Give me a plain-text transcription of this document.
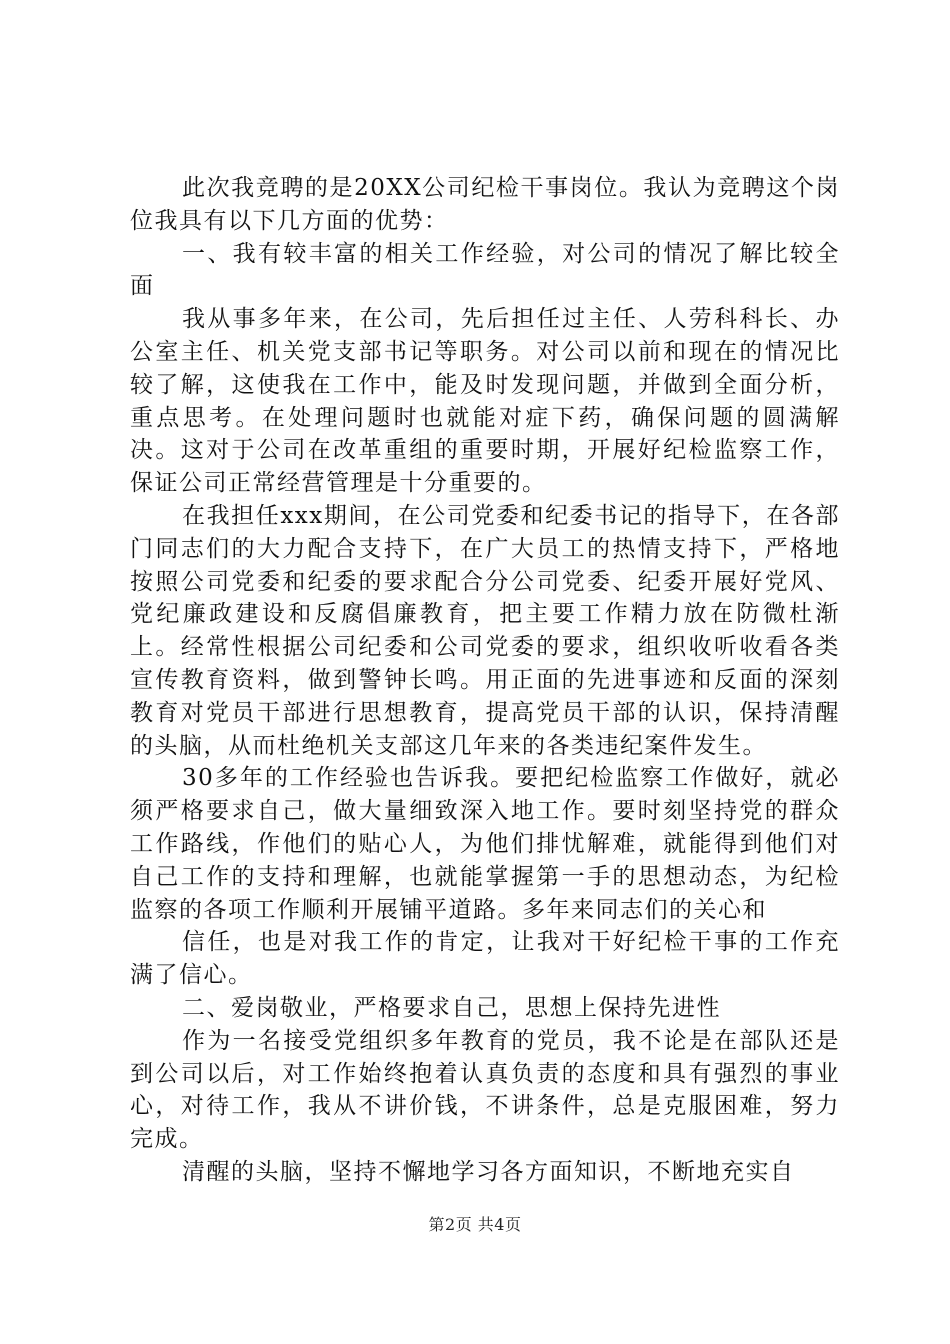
此次我竞聘的是20XX公司纪检干事岗位。我认为竞聘这个岗位我具有以下几方面的优势：

一、我有较丰富的相关工作经验，对公司的情况了解比较全面

我从事多年来，在公司，先后担任过主任、人劳科科长、办公室主任、机关党支部书记等职务。对公司以前和现在的情况比较了解，这使我在工作中，能及时发现问题，并做到全面分析，重点思考。在处理问题时也就能对症下药，确保问题的圆满解决。这对于公司在改革重组的重要时期，开展好纪检监察工作，保证公司正常经营管理是十分重要的。

在我担任xxx期间，在公司党委和纪委书记的指导下，在各部门同志们的大力配合支持下，在广大员工的热情支持下，严格地按照公司党委和纪委的要求配合分公司党委、纪委开展好党风、党纪廉政建设和反腐倡廉教育，把主要工作精力放在防微杜渐上。经常性根据公司纪委和公司党委的要求，组织收听收看各类宣传教育资料，做到警钟长鸣。用正面的先进事迹和反面的深刻教育对党员干部进行思想教育，提高党员干部的认识，保持清醒的头脑，从而杜绝机关支部这几年来的各类违纪案件发生。

30多年的工作经验也告诉我。要把纪检监察工作做好，就必须严格要求自己，做大量细致深入地工作。要时刻坚持党的群众工作路线，作他们的贴心人，为他们排忧解难，就能得到他们对自己工作的支持和理解，也就能掌握第一手的思想动态，为纪检监察的各项工作顺利开展铺平道路。多年来同志们的关心和

信任，也是对我工作的肯定，让我对干好纪检干事的工作充满了信心。

二、爱岗敬业，严格要求自己，思想上保持先进性

作为一名接受党组织多年教育的党员，我不论是在部队还是到公司以后，对工作始终抱着认真负责的态度和具有强烈的事业心，对待工作，我从不讲价钱，不讲条件，总是克服困难，努力完成。

清醒的头脑，坚持不懈地学习各方面知识，不断地充实自

第2页 共4页
